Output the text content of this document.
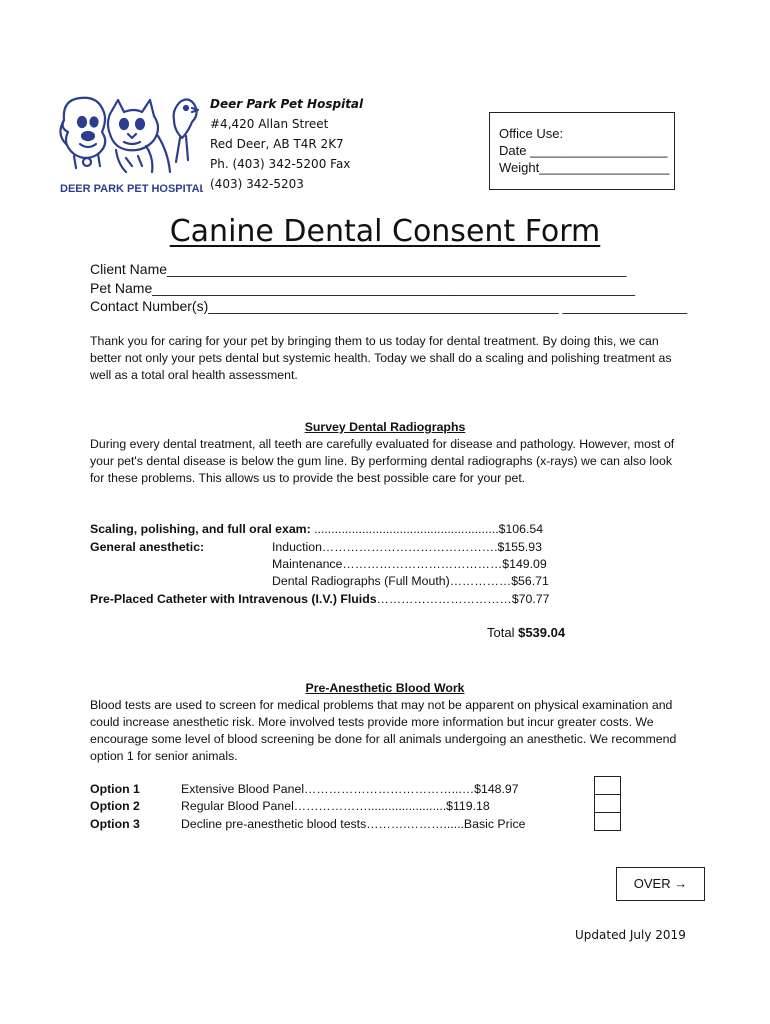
DEER PARK PET HOSPITAL
Deer Park Pet Hospital
#4,420 Allan Street
Red Deer, AB T4R 2K7
Ph. (403) 342-5200 Fax
(403) 342-5203
Office Use:
Date ___________________
Weight__________________
Canine Dental Consent Form
Client Name___________________________________________________________
Pet Name______________________________________________________________
Contact Number(s)_____________________________________________ ________________
Thank you for caring for your pet by bringing them to us today for dental treatment. By doing this, we can better not only your pets dental but systemic health. Today we shall do a scaling and polishing treatment as well as a total oral health assessment.
Survey Dental Radiographs
During every dental treatment, all teeth are carefully evaluated for disease and pathology. However, most of your pet's dental disease is below the gum line. By performing dental radiographs (x-rays) we can also look for these problems. This allows us to provide the best possible care for your pet.
Scaling, polishing, and full oral exam: ......................................................$106.54
General anesthetic:	Induction…………………………………….$155.93
Maintenance…………………………………$149.09
Dental Radiographs (Full Mouth)……………$56.71
Pre-Placed Catheter with Intravenous (I.V.) Fluids……………………………$70.77
Total $539.04
Pre-Anesthetic Blood Work
Blood tests are used to screen for medical problems that may not be apparent on physical examination and could increase anesthetic risk. More involved tests provide more information but incur greater costs. We encourage some level of blood screening be done for all animals undergoing an anesthetic. We recommend option 1 for senior animals.
Option 1	Extensive Blood Panel………………………………...…$148.97
Option 2	Regular Blood Panel……………….......................$119.18
Option 3	Decline pre-anesthetic blood tests……….………......Basic Price
OVER →
Updated July 2019
